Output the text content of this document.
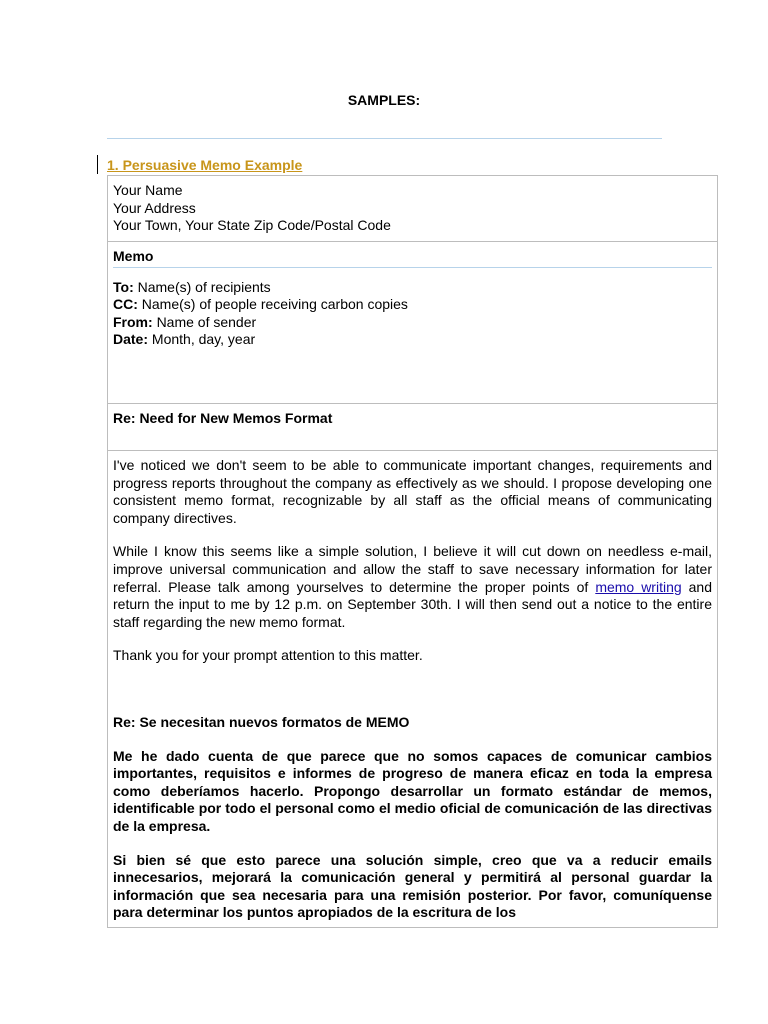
SAMPLES:
1. Persuasive Memo Example

Your Name

Your Address

Your Town, Your State Zip Code/Postal Code

Memo

To: Name(s) of recipients

CC: Name(s) of people receiving carbon copies

From: Name of sender

Date: Month, day, year

Re: Need for New Memos Format

I've noticed we don't seem to be able to communicate important changes, requirements and progress reports throughout the company as effectively as we should. I propose developing one consistent memo format, recognizable by all staff as the official means of communicating company directives.

While I know this seems like a simple solution, I believe it will cut down on needless e-mail, improve universal communication and allow the staff to save necessary information for later referral. Please talk among yourselves to determine the proper points of memo writing and return the input to me by 12 p.m. on September 30th. I will then send out a notice to the entire staff regarding the new memo format.

Thank you for your prompt attention to this matter.

Re: Se necesitan nuevos formatos de MEMO

Me he dado cuenta de que parece que no somos capaces de comunicar cambios importantes, requisitos e informes de progreso de manera eficaz en toda la empresa como deberíamos hacerlo. Propongo desarrollar un formato estándar de memos, identificable por todo el personal como el medio oficial de comunicación de las directivas de la empresa.

Si bien sé que esto parece una solución simple, creo que va a reducir emails innecesarios, mejorará la comunicación general y permitirá al personal guardar la información que sea necesaria para una remisión posterior. Por favor, comuníquense para determinar los puntos apropiados de la escritura de los
